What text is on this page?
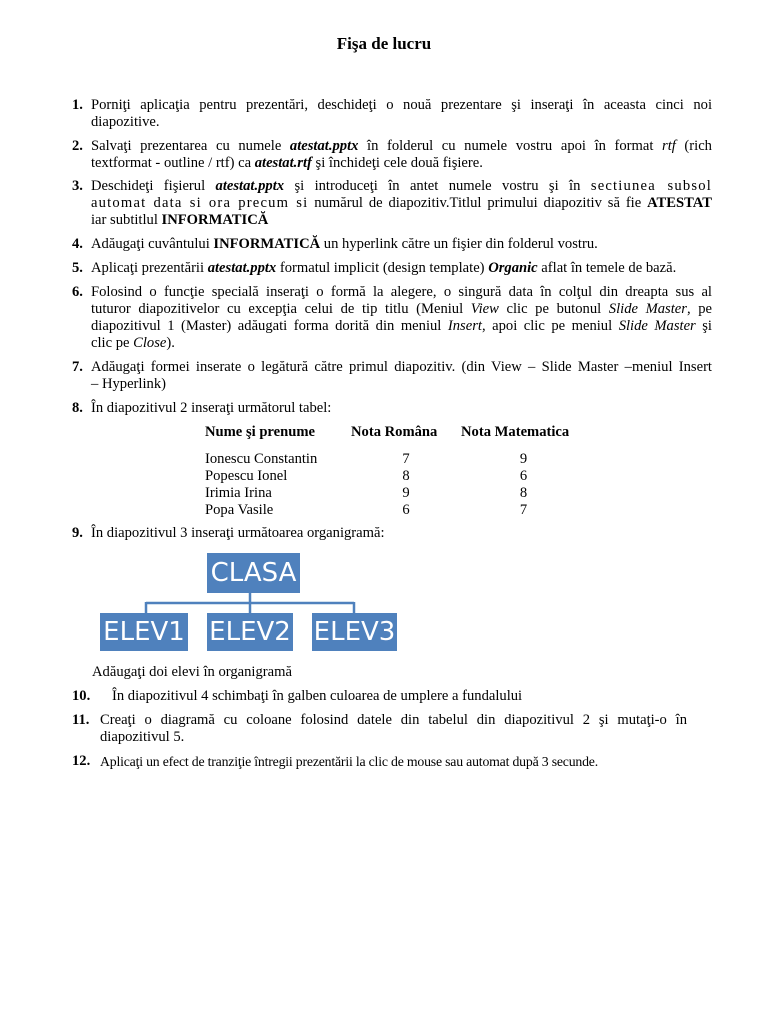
Fişa de lucru
1. Porniţi aplicaţia pentru prezentări, deschideţi o nouă prezentare şi inseraţi în aceasta cinci noi
diapozitive.
2. Salvaţi prezentarea cu numele atestat.pptx în folderul cu numele vostru apoi în format rtf (rich
textformat - outline / rtf) ca atestat.rtf şi închideţi cele două fişiere.
3. Deschideţi fişierul atestat.pptx şi introduceţi în antet numele vostru şi în sectiunea subsol
automat data si ora precum si numărul de diapozitiv.Titlul primului diapozitiv să fie ATESTAT
iar subtitlul INFORMATICĂ
4. Adăugaţi cuvântului INFORMATICĂ un hyperlink către un fişier din folderul vostru.
5. Aplicaţi prezentării atestat.pptx formatul implicit (design template) Organic aflat în temele de bază.
6. Folosind o funcţie specială inseraţi o formă la alegere, o singură data în colţul din dreapta sus al
tuturor diapozitivelor cu excepţia celui de tip titlu (Meniul View clic pe butonul Slide Master, pe
diapozitivul 1 (Master) adăugati forma dorită din meniul Insert, apoi clic pe meniul Slide Master şi
clic pe Close).
7. Adăugaţi formei inserate o legătură către primul diapozitiv. (din View – Slide Master –meniul Insert
– Hyperlink)
8. În diapozitivul 2 inseraţi următorul tabel:
Nume şi prenume	Nota Româna	Nota Matematica
Ionescu Constantin	7	9
Popescu Ionel	8	6
Irimia Irina	9	8
Popa Vasile	6	7
9. În diapozitivul 3 inseraţi următoarea organigramă:
CLASA
ELEV1 ELEV2 ELEV3
Adăugaţi doi elevi în organigramă
10. În diapozitivul 4 schimbaţi în galben culoarea de umplere a fundalului
11. Creaţi o diagramă cu coloane folosind datele din tabelul din diapozitivul 2 şi mutaţi-o în
diapozitivul 5.
12. Aplicaţi un efect de tranziţie întregii prezentării la clic de mouse sau automat după 3 secunde.
